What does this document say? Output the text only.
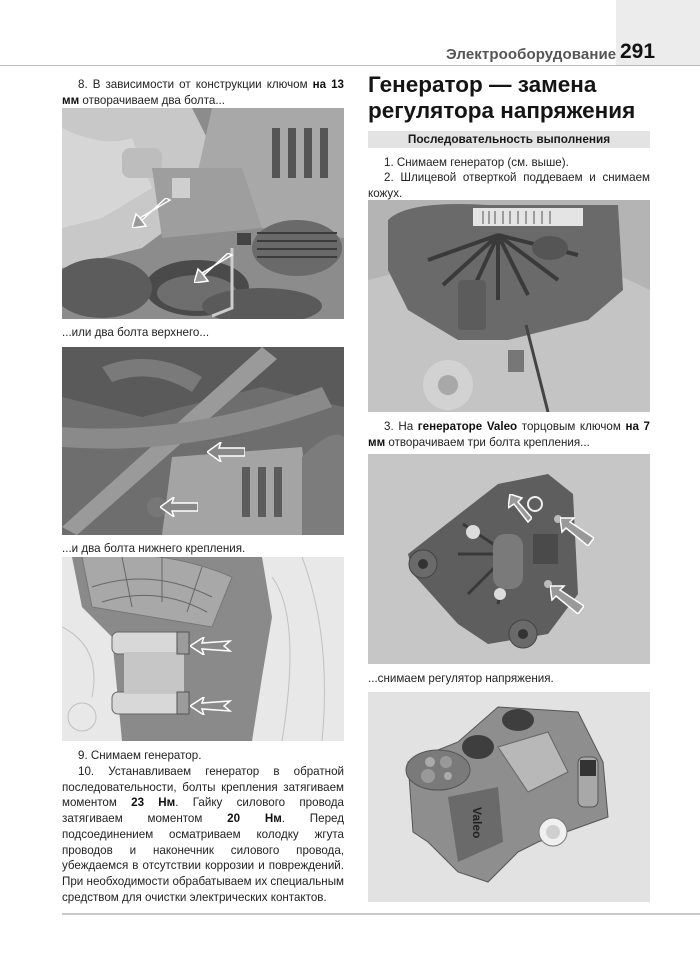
Электрооборудование 291
8. В зависимости от конструкции ключом на 13 мм отворачиваем два болта...
...или два болта верхнего...
...и два болта нижнего крепления.
9. Снимаем генератор.
10. Устанавливаем генератор в обратной последовательности, болты крепления затягиваем моментом 23 Нм. Гайку силового провода затягиваем моментом 20 Нм. Перед подсоединением осматриваем колодку жгута проводов и наконечник силового провода, убеждаемся в отсутствии коррозии и повреждений. При необходимости обрабатываем их специальным средством для очистки электрических контактов.
Генератор — замена
регулятора напряжения
Последовательность выполнения
1. Снимаем генератор (см. выше).
2. Шлицевой отверткой поддеваем и снимаем кожух.
3. На генераторе Valeo торцовым ключом на 7 мм отворачиваем три болта крепления...
...снимаем регулятор напряжения.
Valeo
